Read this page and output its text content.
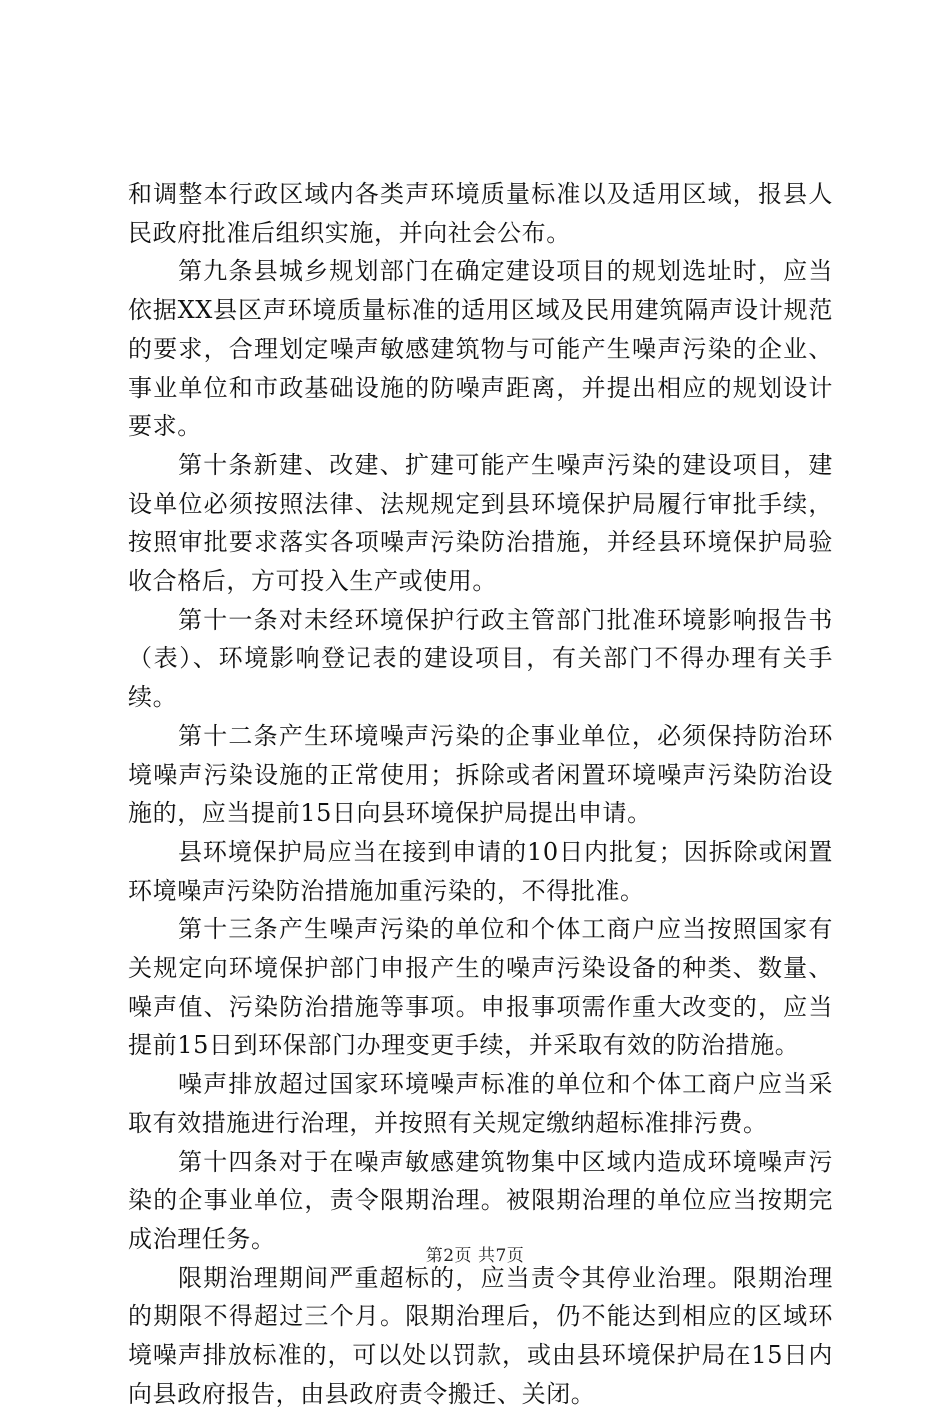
和调整本行政区域内各类声环境质量标准以及适用区域，报县人民政府批准后组织实施，并向社会公布。

第九条县城乡规划部门在确定建设项目的规划选址时，应当依据XX县区声环境质量标准的适用区域及民用建筑隔声设计规范的要求，合理划定噪声敏感建筑物与可能产生噪声污染的企业、事业单位和市政基础设施的防噪声距离，并提出相应的规划设计要求。

第十条新建、改建、扩建可能产生噪声污染的建设项目，建设单位必须按照法律、法规规定到县环境保护局履行审批手续，按照审批要求落实各项噪声污染防治措施，并经县环境保护局验收合格后，方可投入生产或使用。

第十一条对未经环境保护行政主管部门批准环境影响报告书（表）、环境影响登记表的建设项目，有关部门不得办理有关手续。

第十二条产生环境噪声污染的企事业单位，必须保持防治环境噪声污染设施的正常使用；拆除或者闲置环境噪声污染防治设施的，应当提前15日向县环境保护局提出申请。

县环境保护局应当在接到申请的10日内批复；因拆除或闲置环境噪声污染防治措施加重污染的，不得批准。

第十三条产生噪声污染的单位和个体工商户应当按照国家有关规定向环境保护部门申报产生的噪声污染设备的种类、数量、噪声值、污染防治措施等事项。申报事项需作重大改变的，应当提前15日到环保部门办理变更手续，并采取有效的防治措施。

噪声排放超过国家环境噪声标准的单位和个体工商户应当采取有效措施进行治理，并按照有关规定缴纳超标准排污费。

第十四条对于在噪声敏感建筑物集中区域内造成环境噪声污染的企事业单位，责令限期治理。被限期治理的单位应当按期完成治理任务。

限期治理期间严重超标的，应当责令其停业治理。限期治理的期限不得超过三个月。限期治理后，仍不能达到相应的区域环境噪声排放标准的，可以处以罚款，或由县环境保护局在15日内向县政府报告，由县政府责令搬迁、关闭。

第2页 共7页
